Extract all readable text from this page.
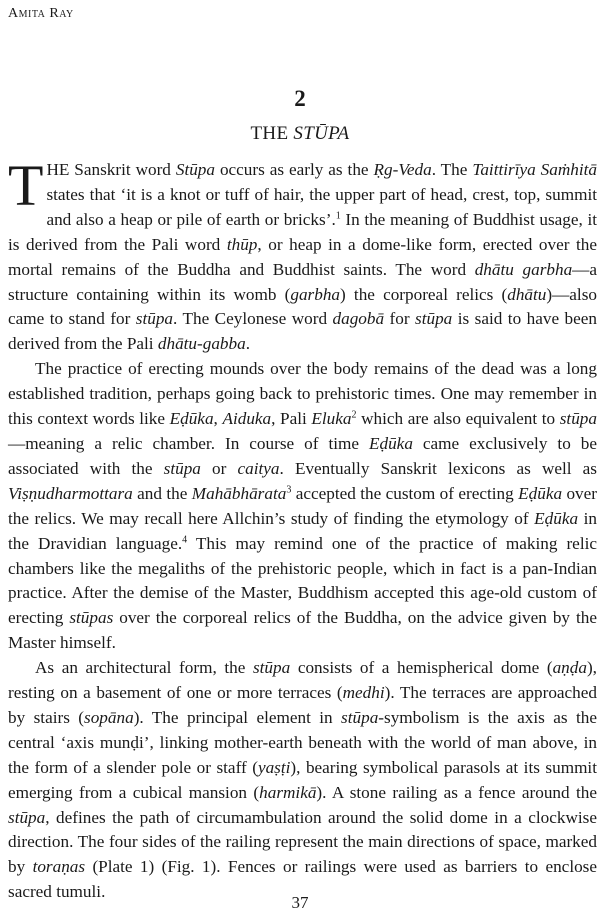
Amita Ray
2
THE STŪPA

THE Sanskrit word Stūpa occurs as early as the Ṛg-Veda. The Taittirīya Saṁhitā states that ‘it is a knot or tuff of hair, the upper part of head, crest, top, summit and also a heap or pile of earth or bricks’.$^1$ In the meaning of Buddhist usage, it is derived from the Pali word thūp, or heap in a dome-like form, erected over the mortal remains of the Buddha and Buddhist saints. The word dhātu garbha—a structure containing within its womb (garbha) the corporeal relics (dhātu)—also came to stand for stūpa. The Ceylonese word dagobā for stūpa is said to have been derived from the Pali dhātu-gabba.

The practice of erecting mounds over the body remains of the dead was a long established tradition, perhaps going back to prehistoric times. One may remember in this context words like Eḍūka, Aiduka, Pali Eluka$^2$ which are also equivalent to stūpa—meaning a relic chamber. In course of time Eḍūka came exclusively to be associated with the stūpa or caitya. Eventually Sanskrit lexicons as well as Viṣṇudharmottara and the Mahābhārata$^3$ accepted the custom of erecting Eḍūka over the relics. We may recall here Allchin’s study of finding the etymology of Eḍūka in the Dravidian language.$^4$ This may remind one of the practice of making relic chambers like the megaliths of the prehistoric people, which in fact is a pan-Indian practice. After the demise of the Master, Buddhism accepted this age-old custom of erecting stūpas over the corporeal relics of the Buddha, on the advice given by the Master himself.

As an architectural form, the stūpa consists of a hemispherical dome (aṇḍa), resting on a basement of one or more terraces (medhi). The terraces are approached by stairs (sopāna). The principal element in stūpa-symbolism is the axis as the central ‘axis munḍi’, linking mother-earth beneath with the world of man above, in the form of a slender pole or staff (yaṣṭi), bearing symbolical parasols at its summit emerging from a cubical mansion (harmikā). A stone railing as a fence around the stūpa, defines the path of circumambulation around the solid dome in a clockwise direction. The four sides of the railing represent the main directions of space, marked by toraṇas (Plate 1) (Fig. 1). Fences or railings were used as barriers to enclose sacred tumuli.

37
